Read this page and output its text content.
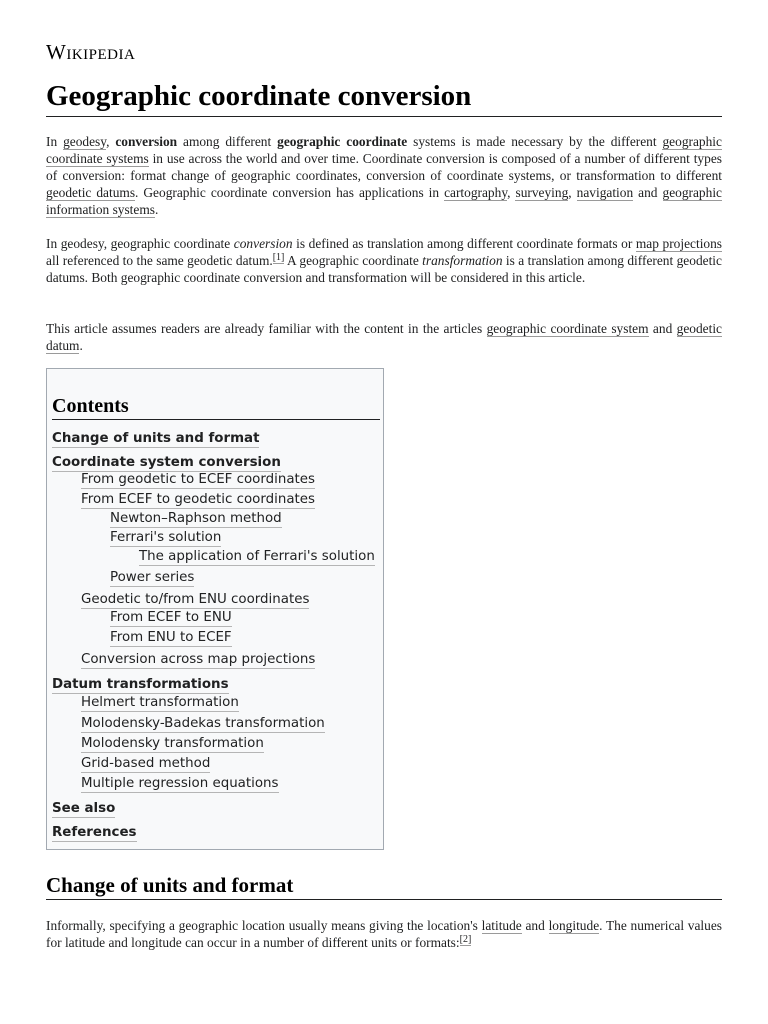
Wikipedia
Geographic coordinate conversion

In geodesy, conversion among different geographic coordinate systems is made necessary by the different geographic coordinate systems in use across the world and over time. Coordinate conversion is composed of a number of different types of conversion: format change of geographic coordinates, conversion of coordinate systems, or transformation to different geodetic datums. Geographic coordinate conversion has applications in cartography, surveying, navigation and geographic information systems.

In geodesy, geographic coordinate conversion is defined as translation among different coordinate formats or map projections all referenced to the same geodetic datum.[1] A geographic coordinate transformation is a translation among different geodetic datums. Both geographic coordinate conversion and transformation will be considered in this article.

This article assumes readers are already familiar with the content in the articles geographic coordinate system and geodetic datum.

Contents
Change of units and format
Coordinate system conversion
From geodetic to ECEF coordinates
From ECEF to geodetic coordinates
Newton–Raphson method
Ferrari's solution
The application of Ferrari's solution
Power series
Geodetic to/from ENU coordinates
From ECEF to ENU
From ENU to ECEF
Conversion across map projections
Datum transformations
Helmert transformation
Molodensky-Badekas transformation
Molodensky transformation
Grid-based method
Multiple regression equations
See also
References
Change of units and format

Informally, specifying a geographic location usually means giving the location's latitude and longitude. The numerical values for latitude and longitude can occur in a number of different units or formats:[2]
